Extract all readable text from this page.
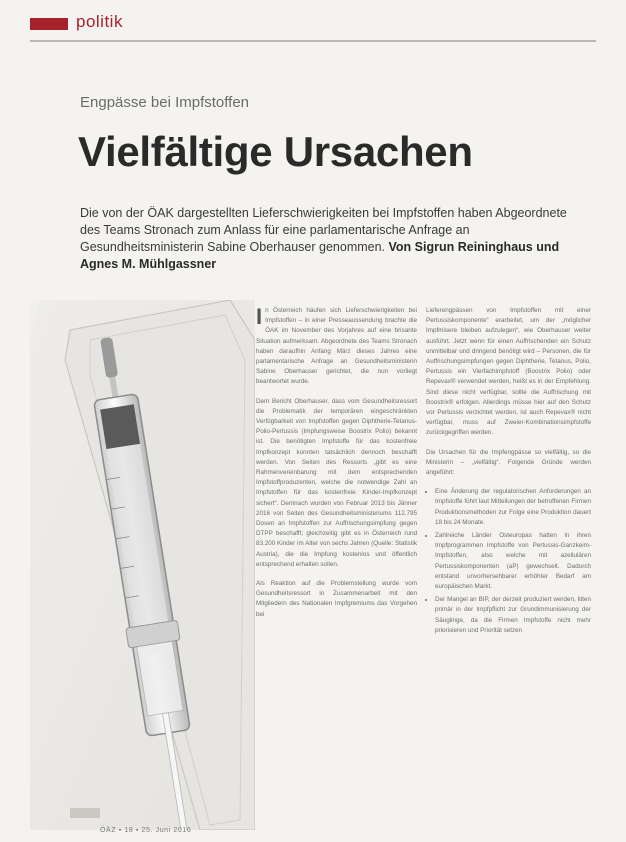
politik
Engpässe bei Impfstoffen
Vielfältige Ursachen
Die von der ÖAK dargestellten Lieferschwierigkeiten bei Impfstoffen haben Abgeordnete des Teams Stronach zum Anlass für eine parlamentarische Anfrage an Gesundheitsministerin Sabine Oberhauser genommen. Von Sigrun Reininghaus und Agnes M. Mühlgassner

In Österreich häufen sich Lieferschwierigkeiten bei Impfstoffen – in einer Presseaussendung brachte die ÖAK im November des Vorjahres auf eine brisante Situation aufmerksam. Abgeordnete des Teams Stronach haben daraufhin Anfang März dieses Jahres eine parlamentarische Anfrage an Gesundheitsministerin Sabine Oberhauser gerichtet, die nun vorliegt beantwortet wurde.

Dem Bericht Oberhauser, dass vom Gesundheitsressort die Problematik der temporären eingeschränkten Verfügbarkeit von Impfstoffen gegen Diphtherie-Tetanus-Polio-Pertussis (Impfungsweise Boostrix Polio) bekannt ist. Die benötigten Impfstoffe für das kostenfreie Impfkonzept konnten tatsächlich dennoch beschafft werden. Von Seiten des Ressorts „gibt es eine Rahmenvereinbarung mit dem entsprechenden Impfstoffproduzenten, welche die notwendige Zahl an Impfstoffen für das kostenfreie Kinder-Impfkonzept sichert“. Demnach wurden von Februar 2013 bis Jänner 2016 von Seiten des Gesundheitsministeriums 112.795 Dosen an Impfstoffen zur Auffrischungsimpfung gegen DTPP beschafft; gleichzeitig gibt es in Österreich rund 83.200 Kinder im Alter von sechs Jahren (Quelle: Statistik Austria), die die Impfung kostenlos und öffentlich entsprechend erhalten sollen.

Als Reaktion auf die Problemstellung wurde vom Gesundheitsressort in Zusammenarbeit mit den Mitgliedern des Nationalen Impfgremiums das Vorgehen bei

Lieferengpässen von Impfstoffen mit einer Pertussiskomponente“ erarbeitet, um der „möglicher Impfmisere bleiben aufzulegen“, wie Oberhauser weiter ausführt. Jetzt wenn für einen Auffrischenden ein Schutz unmittelbar und dringend benötigt wird – Personen, die für Auffrischungsimpfungen gegen Diphtherie, Tetanus, Polio, Pertussis ein Vierfachimpfstoff (Boostrix Polio) oder Repevax® verwendet werden, heißt es in der Empfehlung. Sind diese nicht verfügbar, sollte die Auffrischung mit Boostrix® erfolgen. Allerdings müsse hier auf den Schutz vor Pertussis verzichtet werden, ist auch Repevax® nicht verfügbar, muss auf Zweier-Kombinationsimpfstoffe zurückgegriffen werden.

Die Ursachen für die Impfengpässe so vielfältig, so die Ministerin – „vielfältig“. Folgende Gründe werden angeführt:

• Eine Änderung der regulatorischen Anforderungen an Impfstoffe führt laut Mitteilungen der betroffenen Firmen Produktionsmethoden zur Folge eine Produktion dauert 18 bis 24 Monate.
• Zahlreiche Länder Osteuropas hatten in ihren Impfprogrammen Impfstoffe von Pertussis-Ganzkeim-Impfstoffen, also welche mit azellulären Pertussiskomponenten (aP) gewechselt. Dadurch entstand unvorhersehbarer erhöhter Bedarf am europäischen Markt.
• Der Mangel an BIP, der derzeit produziert werden, litten primär in der Impfpflicht zur Grundimmunisierung der Säuglinge, da die Firmen Impfstoffe nicht mehr priorisieren und Priorität setzen
ÖÄZ ▪ 18 ▪ 25. Juni 2016
